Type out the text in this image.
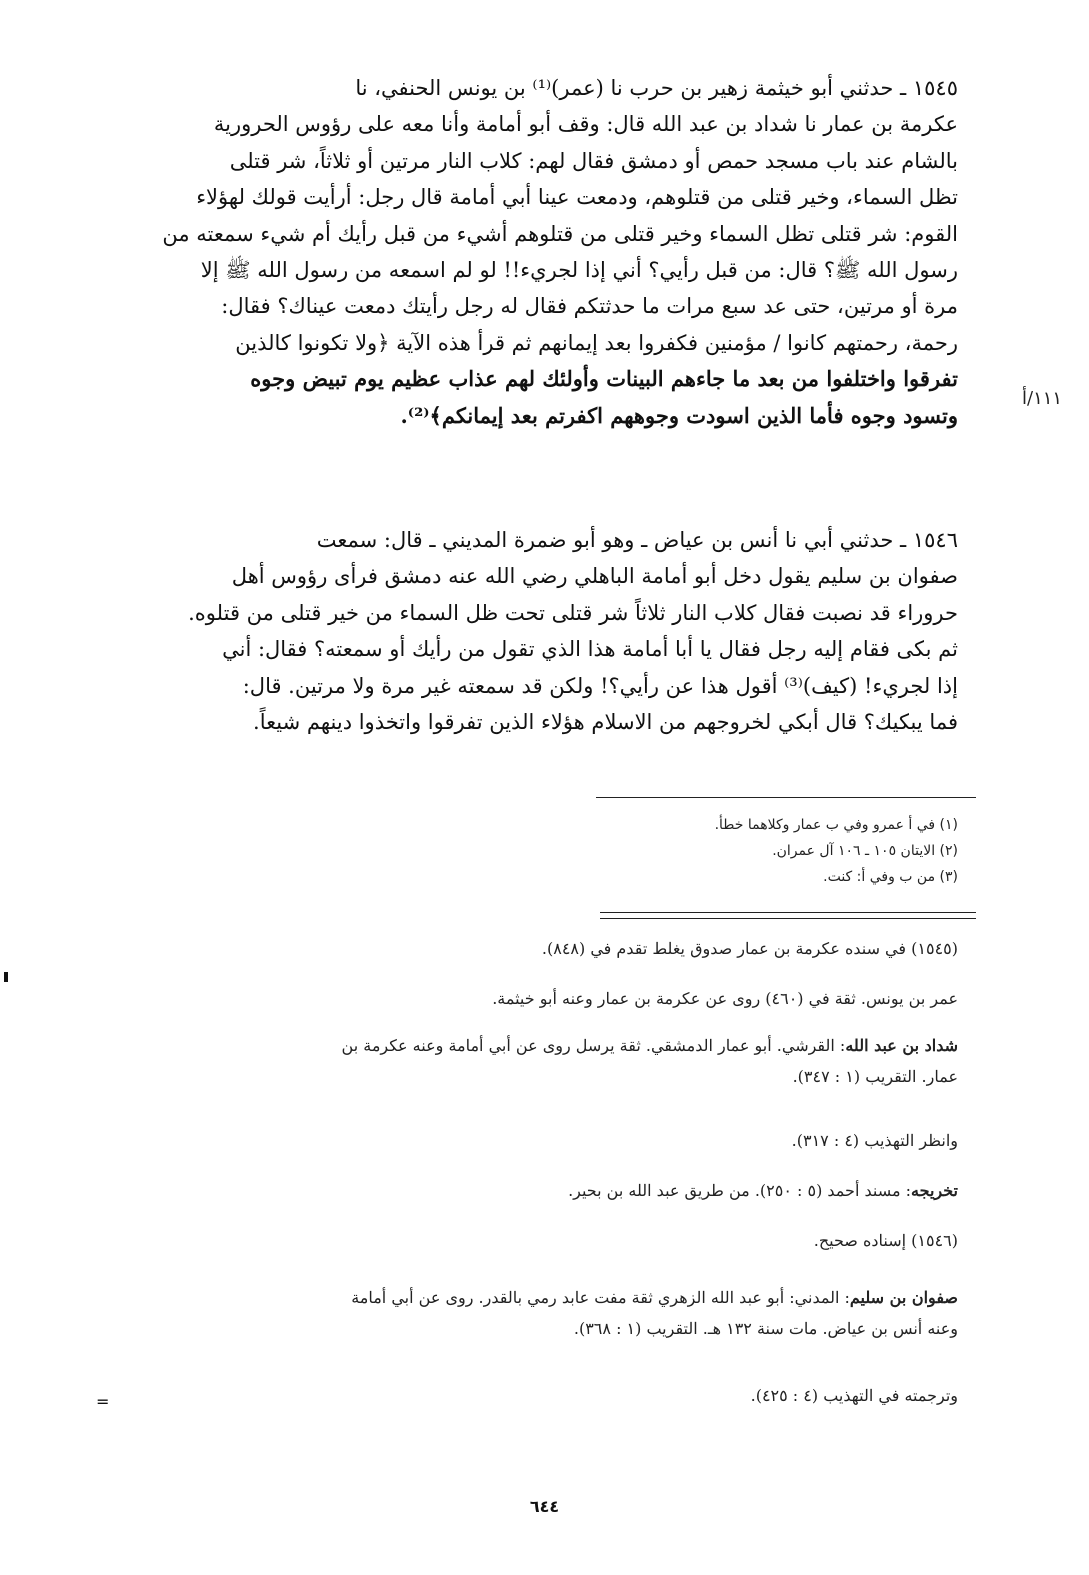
١٥٤٥ ـ حدثني أبو خيثمة زهير بن حرب نا (عمر)⁽¹⁾ بن يونس الحنفي، نا
عكرمة بن عمار نا شداد بن عبد الله قال: وقف أبو أمامة وأنا معه على رؤوس الحرورية
بالشام عند باب مسجد حمص أو دمشق فقال لهم: كلاب النار مرتين أو ثلاثاً، شر قتلى
تظل السماء، وخير قتلى من قتلوهم، ودمعت عينا أبي أمامة قال رجل: أرأيت قولك لهؤلاء
القوم: شر قتلى تظل السماء وخير قتلى من قتلوهم أشيء من قبل رأيك أم شيء سمعته من
رسول الله ﷺ؟ قال: من قبل رأيي؟ أني إذا لجريء!! لو لم اسمعه من رسول الله ﷺ إلا
مرة أو مرتين، حتى عد سبع مرات ما حدثتكم فقال له رجل رأيتك دمعت عيناك؟ فقال:
رحمة، رحمتهم كانوا / مؤمنين فكفروا بعد إيمانهم ثم قرأ هذه الآية ﴿ولا تكونوا كالذين
تفرقوا واختلفوا من بعد ما جاءهم البينات وأولئك لهم عذاب عظيم يوم تبيض وجوه
وتسود وجوه فأما الذين اسودت وجوههم اكفرتم بعد إيمانكم﴾⁽²⁾.
١١١/أ
١٥٤٦ ـ حدثني أبي نا أنس بن عياض ـ وهو أبو ضمرة المديني ـ قال: سمعت
صفوان بن سليم يقول دخل أبو أمامة الباهلي رضي الله عنه دمشق فرأى رؤوس أهل
حروراء قد نصبت فقال كلاب النار ثلاثاً شر قتلى تحت ظل السماء من خير قتلى من قتلوه.
ثم بكى فقام إليه رجل فقال يا أبا أمامة هذا الذي تقول من رأيك أو سمعته؟ فقال: أني
إذا لجريء! (كيف)⁽³⁾ أقول هذا عن رأيي؟! ولكن قد سمعته غير مرة ولا مرتين. قال:
فما يبكيك؟ قال أبكي لخروجهم من الاسلام هؤلاء الذين تفرقوا واتخذوا دينهم شيعاً.
(١) في أ عمرو وفي ب عمار وكلاهما خطأ.
(٢) الايتان ١٠٥ ـ ١٠٦ آل عمران.
(٣) من ب وفي أ: كنت.
(١٥٤٥) في سنده عكرمة بن عمار صدوق يغلط تقدم في (٨٤٨).
عمر بن يونس. ثقة في (٤٦٠) روى عن عكرمة بن عمار وعنه أبو خيثمة.
شداد بن عبد الله: القرشي. أبو عمار الدمشقي. ثقة يرسل روى عن أبي أمامة وعنه عكرمة بن
عمار. التقريب (١ : ٣٤٧).
وانظر التهذيب (٤ : ٣١٧).
تخريجه: مسند أحمد (٥ : ٢٥٠). من طريق عبد الله بن بحير.
(١٥٤٦) إسناده صحيح.
صفوان بن سليم: المدني: أبو عبد الله الزهري ثقة مفت عابد رمي بالقدر. روى عن أبي أمامة
وعنه أنس بن عياض. مات سنة ١٣٢ هـ. التقريب (١ : ٣٦٨).
وترجمته في التهذيب (٤ : ٤٢٥).
=
٦٤٤
